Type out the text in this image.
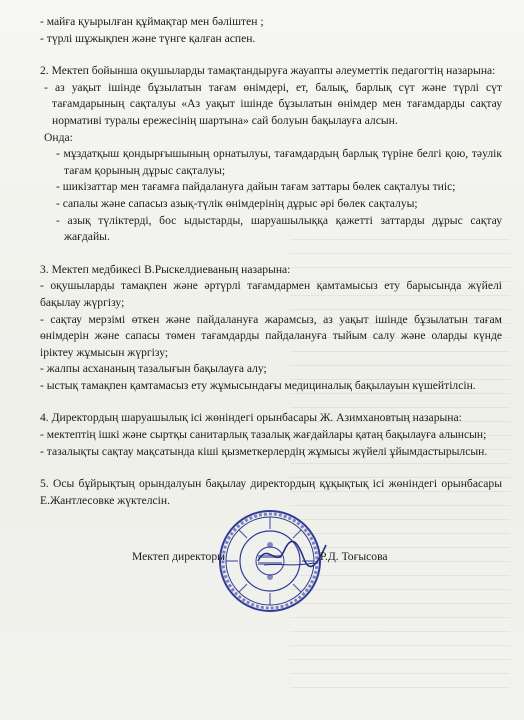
- майға қуырылған құймақтар мен бәліштен ;

- түрлі шұжықпен және түнге қалған аспен.

2. Мектеп бойынша оқушыларды тамақтандыруға жауапты әлеуметтік педагогтің назарына:

- аз уақыт ішінде бұзылатын тағам өнімдері, ет, балық, барлық сүт және түрлі сүт тағамдарының сақталуы «Аз уақыт ішінде бұзылатын өнімдер мен тағамдарды сақтау нормативі туралы ережесінің шартына» сай болуын бақылауға алсын.

Онда:

- мұздатқыш қондырғышының орнатылуы, тағамдардың барлық түріне белгі қою, тәулік тағам қорының дұрыс сақталуы;

- шикізаттар мен тағамға пайдалануға дайын тағам заттары бөлек сақталуы тиіс;

- сапалы және сапасыз азық-түлік өнімдерінің дұрыс әрі бөлек сақталуы;

- азық түліктерді, бос ыдыстарды, шаруашылыққа қажетті заттарды дұрыс сақтау жағдайы.

3. Мектеп медбикесі В.Рыскелдиеваның назарына:

- оқушыларды тамақпен және әртүрлі тағамдармен қамтамысыз ету барысында жүйелі бақылау жүргізу;

- сақтау мерзімі өткен және пайдалануға жарамсыз, аз уақыт ішінде бұзылатын тағам өнімдерін және сапасы төмен тағамдарды пайдалануға тыйым салу және оларды күнде іріктеу жұмысын жүргізу;

- жалпы асхананың тазалығын бақылауға алу;

- ыстық тамақпен қамтамасыз ету жұмысындағы медициналық бақылауын күшейтілсін.

4. Директордың шаруашылық ісі жөніндегі орынбасары Ж. Азимхановтың назарына:

- мектептің ішкі және сыртқы санитарлық тазалық жағдайлары қатаң бақылауға алынсын;

- тазалықты сақтау мақсатында кіші қызметкерлердің жұмысы жүйелі ұйымдастырылсын.

5. Осы бұйрықтың орындалуын бақылау директордың құқықтық ісі жөніндегі орынбасары Е.Жантлесовке жүктелсін.

Мектеп директоры	Р.Д. Тоғысова
